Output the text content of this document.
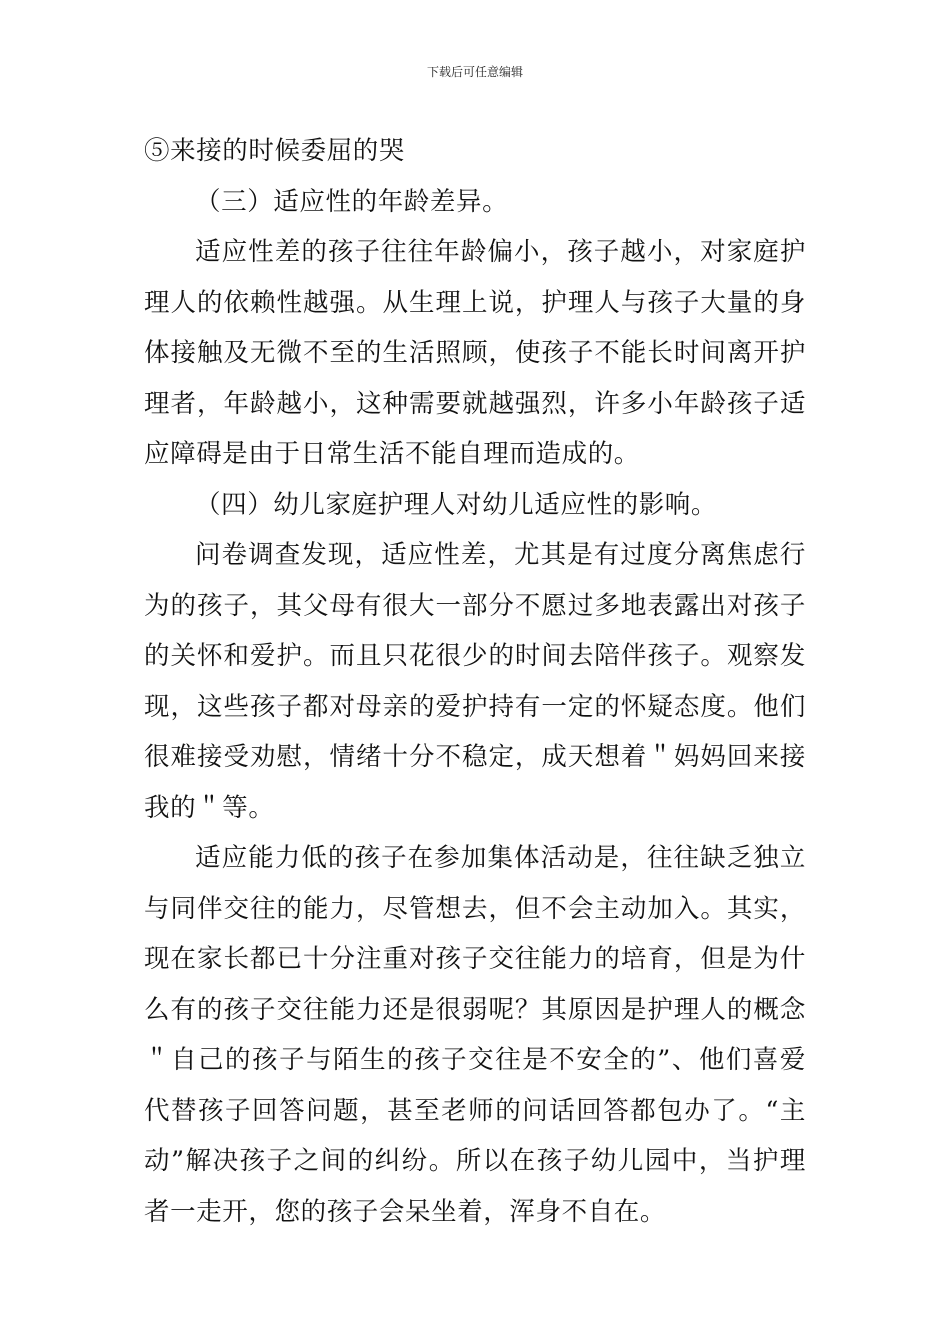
下载后可任意编辑

⑤来接的时候委屈的哭

（三）适应性的年龄差异。

适应性差的孩子往往年龄偏小，孩子越小，对家庭护理人的依赖性越强。从生理上说，护理人与孩子大量的身体接触及无微不至的生活照顾，使孩子不能长时间离开护理者，年龄越小，这种需要就越强烈，许多小年龄孩子适应障碍是由于日常生活不能自理而造成的。

（四）幼儿家庭护理人对幼儿适应性的影响。

问卷调查发现，适应性差，尤其是有过度分离焦虑行为的孩子，其父母有很大一部分不愿过多地表露出对孩子的关怀和爱护。而且只花很少的时间去陪伴孩子。观察发现，这些孩子都对母亲的爱护持有一定的怀疑态度。他们很难接受劝慰，情绪十分不稳定，成天想着＂妈妈回来接我的＂等。

适应能力低的孩子在参加集体活动是，往往缺乏独立与同伴交往的能力，尽管想去，但不会主动加入。其实，现在家长都已十分注重对孩子交往能力的培育，但是为什么有的孩子交往能力还是很弱呢？其原因是护理人的概念＂自己的孩子与陌生的孩子交往是不安全的”、他们喜爱代替孩子回答问题，甚至老师的问话回答都包办了。“主动”解决孩子之间的纠纷。所以在孩子幼儿园中，当护理者一走开，您的孩子会呆坐着，浑身不自在。
